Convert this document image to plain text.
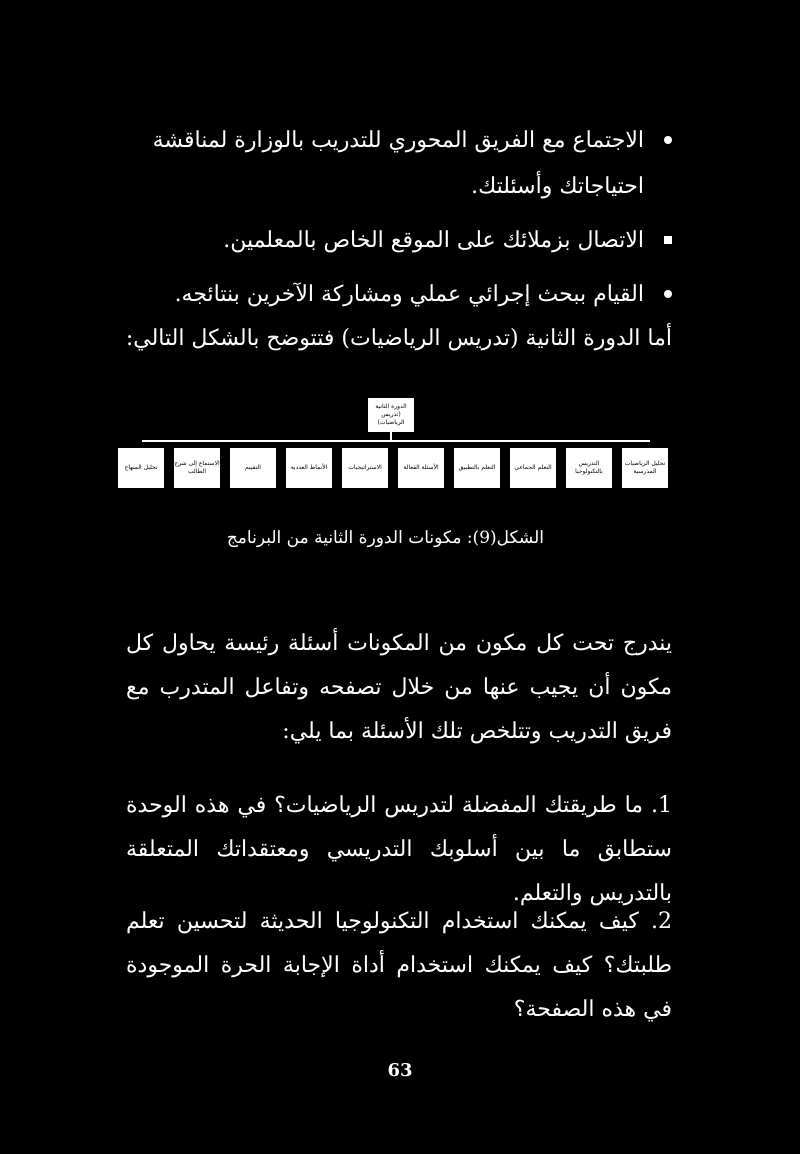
الاجتماع مع الفريق المحوري للتدريب بالوزارة لمناقشة احتياجاتك وأسئلتك.
الاتصال بزملائك على الموقع الخاص بالمعلمين.
القيام ببحث إجرائي عملي ومشاركة الآخرين بنتائجه.
أما الدورة الثانية (تدريس الرياضيات) فتتوضح بالشكل التالي:
الدورة الثانية (تدريس الرياضيات)
تحليل المنهاج
الاستماع إلى شرح الطالب
التقييم	الأنماط العددية	الاستراتيجيات	الأسئلة الفعالة	التعلم بالتطبيق	التعلم الجماعي
التدريس بالتكنولوجيا
تحليل الرياضيات المدرسية
الشكل(9): مكونات الدورة الثانية من البرنامج
يندرج تحت كل مكون من المكونات أسئلة رئيسة يحاول كل مكون أن يجيب عنها من خلال تصفحه وتفاعل المتدرب مع فريق التدريب وتتلخص تلك الأسئلة بما يلي:
1. ما طريقتك المفضلة لتدريس الرياضيات؟ في هذه الوحدة ستطابق ما بين أسلوبك التدريسي ومعتقداتك المتعلقة بالتدريس والتعلم.
2. كيف يمكنك استخدام التكنولوجيا الحديثة لتحسين تعلم طلبتك؟ كيف يمكنك استخدام أداة الإجابة الحرة الموجودة في هذه الصفحة؟
63
